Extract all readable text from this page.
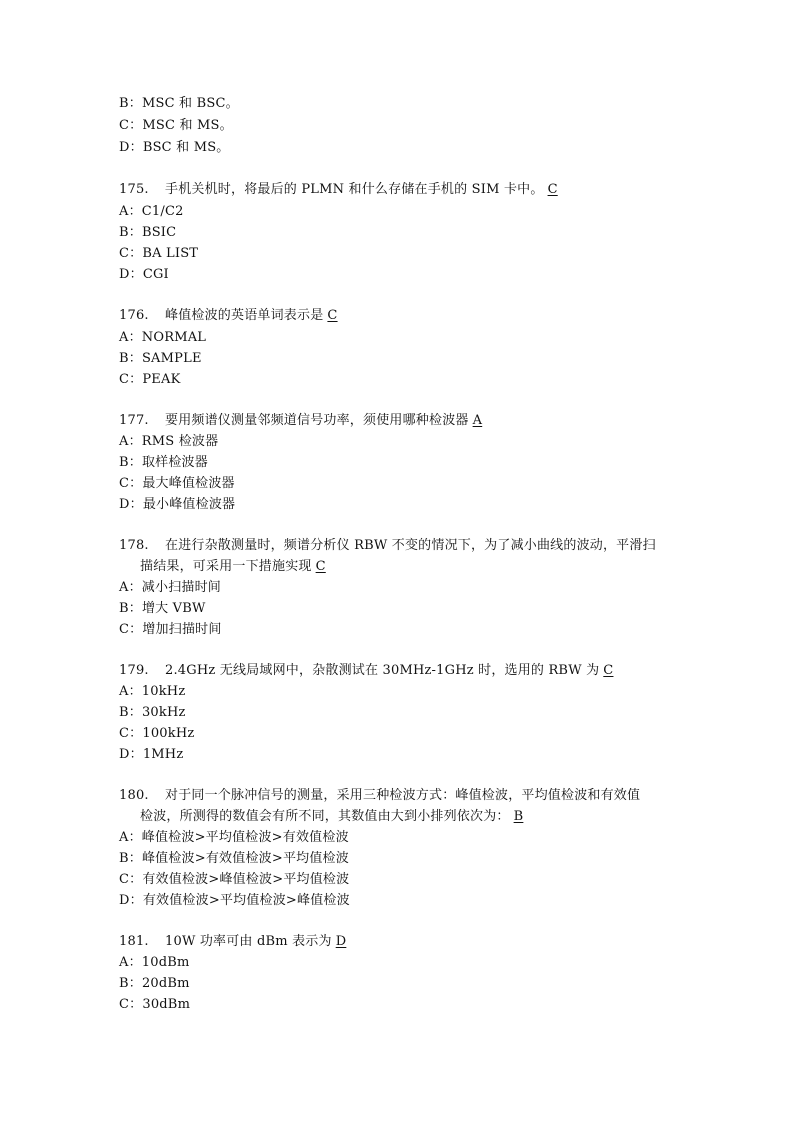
B：MSC 和 BSC。
C：MSC 和 MS。
D：BSC 和 MS。
175. 手机关机时，将最后的 PLMN 和什么存储在手机的 SIM 卡中。 C
A：C1/C2
B：BSIC
C：BA LIST
D：CGI
176. 峰值检波的英语单词表示是 C
A：NORMAL
B：SAMPLE
C：PEAK
177. 要用频谱仪测量邻频道信号功率，须使用哪种检波器 A
A：RMS 检波器
B：取样检波器
C：最大峰值检波器
D：最小峰值检波器
178. 在进行杂散测量时，频谱分析仪 RBW 不变的情况下，为了减小曲线的波动，平滑扫
描结果，可采用一下措施实现 C
A：减小扫描时间
B：增大 VBW
C：增加扫描时间
179. 2.4GHz 无线局域网中，杂散测试在 30MHz-1GHz 时，选用的 RBW 为 C
A：10kHz
B：30kHz
C：100kHz
D：1MHz
180. 对于同一个脉冲信号的测量，采用三种检波方式：峰值检波，平均值检波和有效值
检波，所测得的数值会有所不同，其数值由大到小排列依次为： B
A：峰值检波>平均值检波>有效值检波
B：峰值检波>有效值检波>平均值检波
C：有效值检波>峰值检波>平均值检波
D：有效值检波>平均值检波>峰值检波
181. 10W 功率可由 dBm 表示为 D
A：10dBm
B：20dBm
C：30dBm
